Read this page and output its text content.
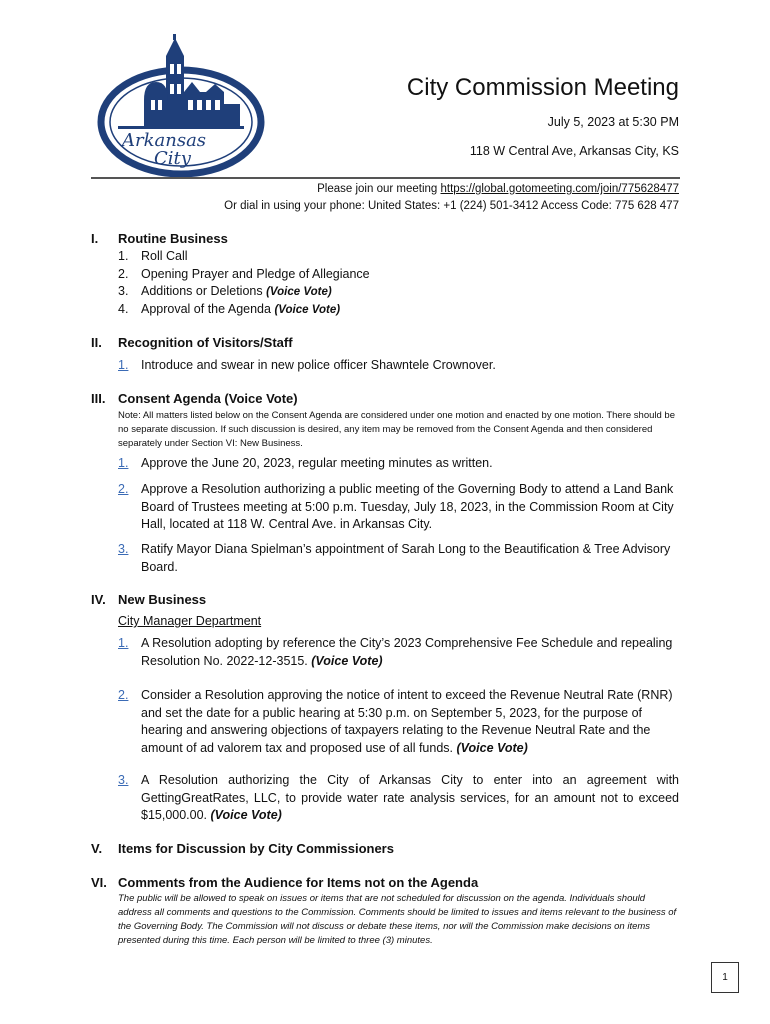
Arkansas
City
City Commission Meeting
July 5, 2023 at 5:30 PM
118 W Central Ave, Arkansas City, KS
Please join our meeting https://global.gotomeeting.com/join/775628477
Or dial in using your phone: United States: +1 (224) 501-3412 Access Code: 775 628 477
I.	Routine Business
1.	Roll Call
2.	Opening Prayer and Pledge of Allegiance
3.	Additions or Deletions (Voice Vote)
4.	Approval of the Agenda (Voice Vote)
II.	Recognition of Visitors/Staff
1.	Introduce and swear in new police officer Shawntele Crownover.
III. Consent Agenda (Voice Vote)
Note: All matters listed below on the Consent Agenda are considered under one motion and enacted by one motion. There should be no separate discussion. If such discussion is desired, any item may be removed from the Consent Agenda and then considered separately under Section VI: New Business.
1.	Approve the June 20, 2023, regular meeting minutes as written.
2.	Approve a Resolution authorizing a public meeting of the Governing Body to attend a Land Bank Board of Trustees meeting at 5:00 p.m. Tuesday, July 18, 2023, in the Commission Room at City Hall, located at 118 W. Central Ave. in Arkansas City.
3.	Ratify Mayor Diana Spielman’s appointment of Sarah Long to the Beautification & Tree Advisory Board.
IV. New Business
City Manager Department
1.	A Resolution adopting by reference the City’s 2023 Comprehensive Fee Schedule and repealing Resolution No. 2022-12-3515. (Voice Vote)
2.	Consider a Resolution approving the notice of intent to exceed the Revenue Neutral Rate (RNR) and set the date for a public hearing at 5:30 p.m. on September 5, 2023, for the purpose of hearing and answering objections of taxpayers relating to the Revenue Neutral Rate and the amount of ad valorem tax and proposed use of all funds. (Voice Vote)
3.	A Resolution authorizing the City of Arkansas City to enter into an agreement with GettingGreatRates, LLC, to provide water rate analysis services, for an amount not to exceed $15,000.00. (Voice Vote)
V.	Items for Discussion by City Commissioners
VI. Comments from the Audience for Items not on the Agenda
The public will be allowed to speak on issues or items that are not scheduled for discussion on the agenda. Individuals should address all comments and questions to the Commission. Comments should be limited to issues and items relevant to the business of the Governing Body. The Commission will not discuss or debate these items, nor will the Commission make decisions on items presented during this time. Each person will be limited to three (3) minutes.
1
